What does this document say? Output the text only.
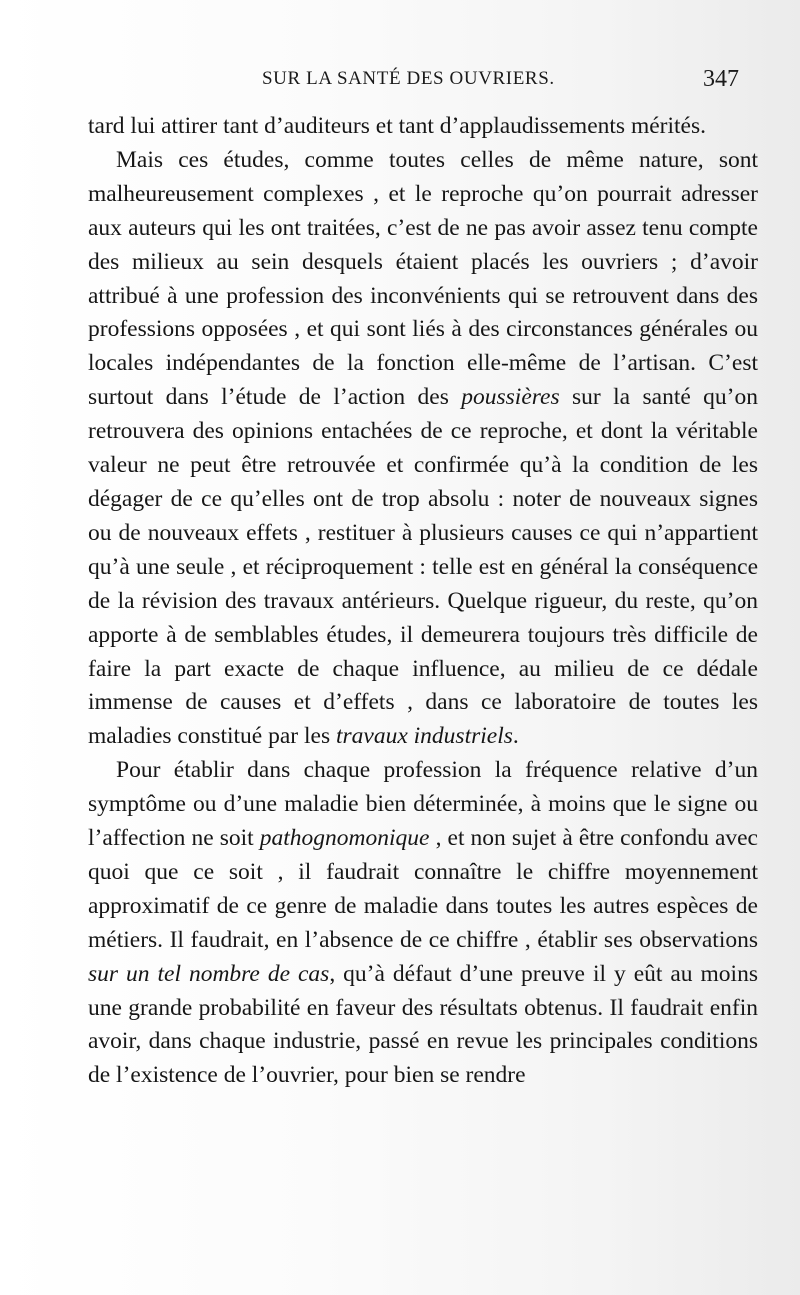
SUR LA SANTÉ DES OUVRIERS.	347

tard lui attirer tant d’auditeurs et tant d’applaudissements mérités.

Mais ces études, comme toutes celles de même nature, sont malheureusement complexes , et le reproche qu’on pourrait adresser aux auteurs qui les ont traitées, c’est de ne pas avoir assez tenu compte des milieux au sein desquels étaient placés les ouvriers ; d’avoir attribué à une profession des inconvénients qui se retrouvent dans des professions opposées , et qui sont liés à des circonstances générales ou locales indépendantes de la fonction elle-même de l’artisan. C’est surtout dans l’étude de l’action des poussières sur la santé qu’on retrouvera des opinions entachées de ce reproche, et dont la véritable valeur ne peut être retrouvée et confirmée qu’à la condition de les dégager de ce qu’elles ont de trop absolu : noter de nouveaux signes ou de nouveaux effets , restituer à plusieurs causes ce qui n’appartient qu’à une seule , et réciproquement : telle est en général la conséquence de la révision des travaux antérieurs. Quelque rigueur, du reste, qu’on apporte à de semblables études, il demeurera toujours très difficile de faire la part exacte de chaque influence, au milieu de ce dédale immense de causes et d’effets , dans ce laboratoire de toutes les maladies constitué par les travaux industriels.

Pour établir dans chaque profession la fréquence relative d’un symptôme ou d’une maladie bien déterminée, à moins que le signe ou l’affection ne soit pathognomonique , et non sujet à être confondu avec quoi que ce soit , il faudrait connaître le chiffre moyennement approximatif de ce genre de maladie dans toutes les autres espèces de métiers. Il faudrait, en l’absence de ce chiffre , établir ses observations sur un tel nombre de cas, qu’à défaut d’une preuve il y eût au moins une grande probabilité en faveur des résultats obtenus. Il faudrait enfin avoir, dans chaque industrie, passé en revue les principales conditions de l’existence de l’ouvrier, pour bien se rendre
